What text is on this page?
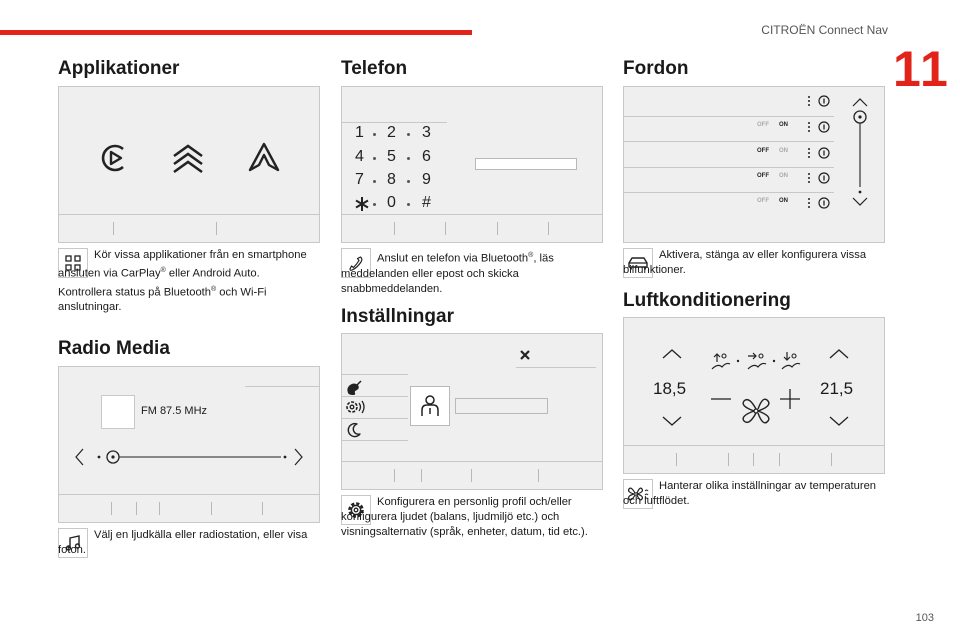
CITROËN Connect Nav
11
Applikationer

Kör vissa applikationer från en smartphone ansluten via CarPlay® eller Android Auto.

Kontrollera status på Bluetooth® och Wi-Fi anslutningar.

Radio Media
FM 87.5 MHz

Välj en ljudkälla eller radiostation, eller visa foton.

Telefon
1 2 3
4 5 6
7 8 9
0 #

Anslut en telefon via Bluetooth®, läs meddelanden eller epost och skicka snabbmeddelanden.

Inställningar

Konfigurera en personlig profil och/eller konfigurera ljudet (balans, ljudmiljö etc.) och visningsalternativ (språk, enheter, datum, tid etc.).

Fordon
OFF ON
OFF ON
OFF ON
OFF ON

Aktivera, stänga av eller konfigurera vissa bilfunktioner.

Luftkonditionering
18,5	21,5

Hanterar olika inställningar av temperaturen och luftflödet.

103
